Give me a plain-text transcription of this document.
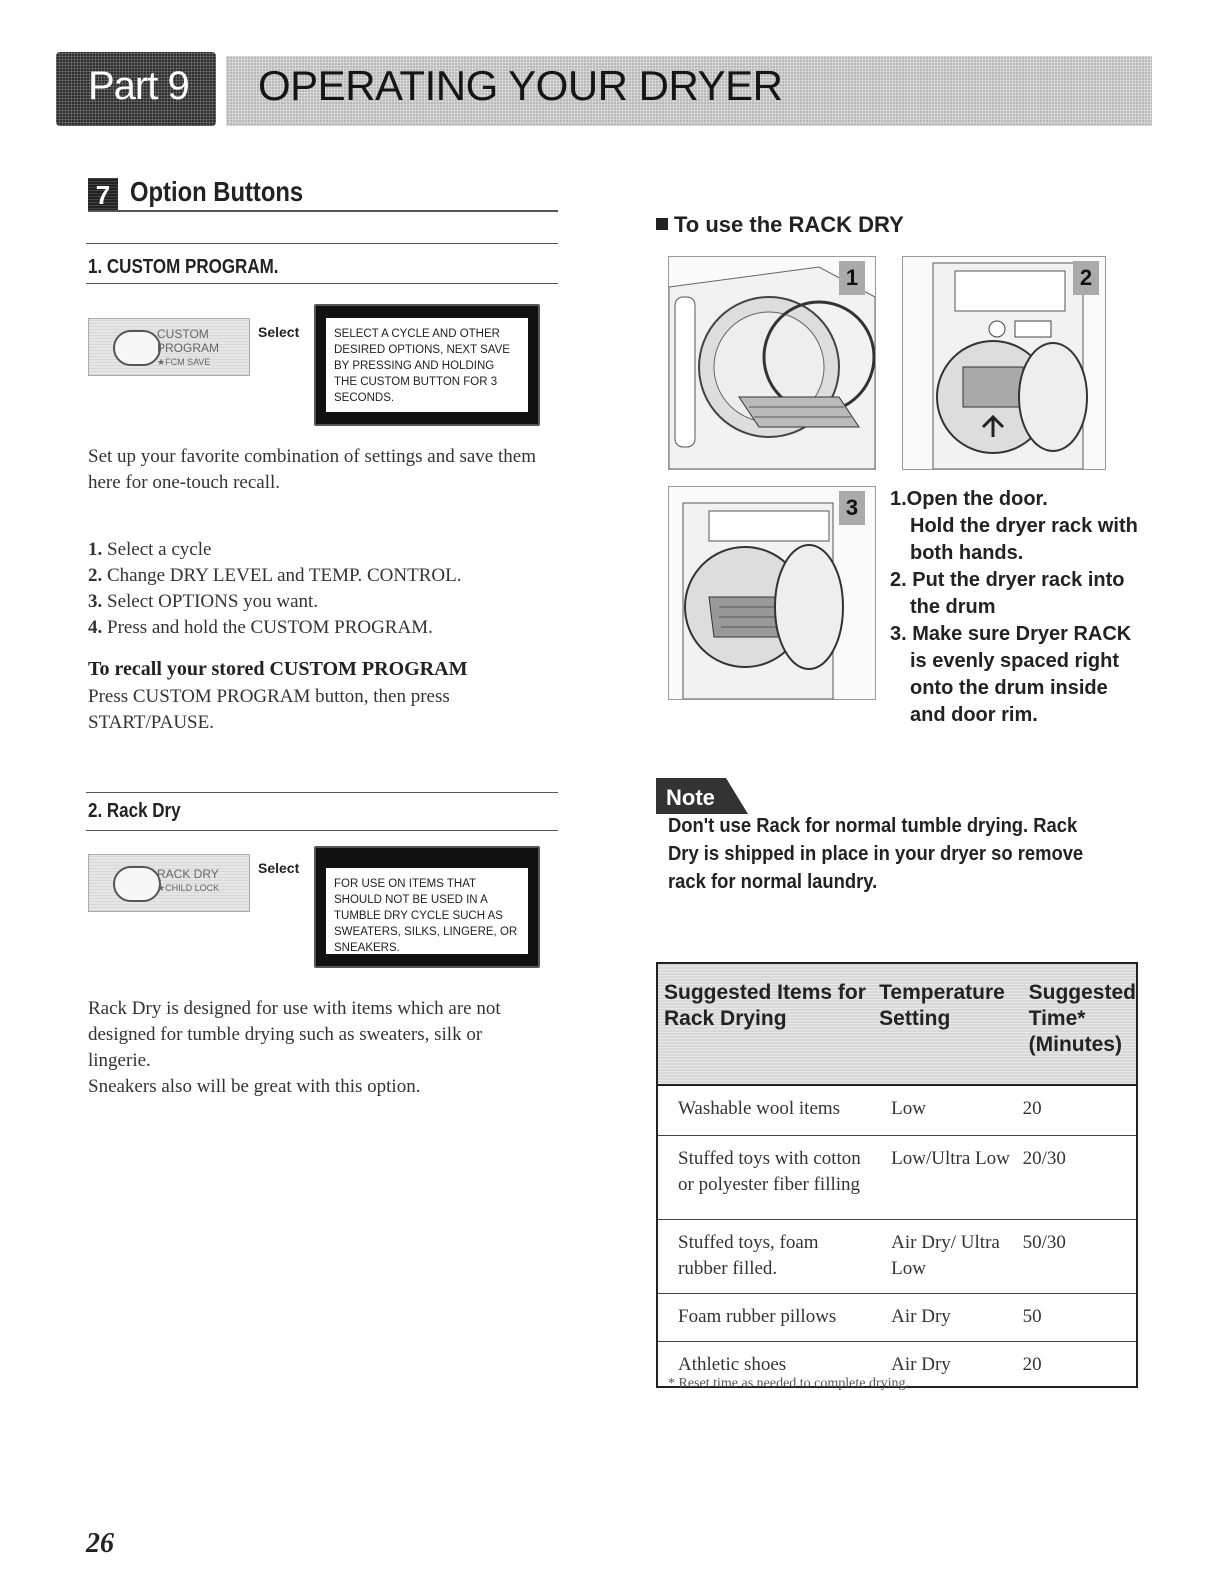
Part 9 OPERATING YOUR DRYER
7 Option Buttons
1. CUSTOM PROGRAM.
CUSTOM
PROGRAM
★FCM SAVE
Select	SELECT A CYCLE AND OTHER DESIRED OPTIONS, NEXT SAVE BY PRESSING AND HOLDING THE CUSTOM BUTTON FOR 3 SECONDS.
Set up your favorite combination of settings and save them here for one-touch recall.
1. Select a cycle
2. Change DRY LEVEL and TEMP. CONTROL.
3. Select OPTIONS you want.
4. Press and hold the CUSTOM PROGRAM.
To recall your stored CUSTOM PROGRAM
Press CUSTOM PROGRAM button, then press START/PAUSE.
2. Rack Dry
RACK DRY
★CHILD LOCK
Select
FOR USE ON ITEMS THAT SHOULD NOT BE USED IN A TUMBLE DRY CYCLE SUCH AS SWEATERS, SILKS, LINGERE, OR SNEAKERS.
Rack Dry is designed for use with items which are not designed for tumble drying such as sweaters, silk or lingerie.
Sneakers also will be great with this option.
To use the RACK DRY
1	2
3	1.Open the door.
Hold the dryer rack with
both hands.
2. Put the dryer rack into
the drum
3. Make sure Dryer RACK
is evenly spaced right
onto the drum inside
and door rim.
Note
Don't use Rack for normal tumble drying. Rack Dry is shipped in place in your dryer so remove rack for normal laundry.
Suggested Items for Rack Drying	Temperature Setting	Suggested Time* (Minutes)
Washable wool items	Low	20
Stuffed toys with cotton or polyester fiber filling	Low/Ultra Low	20/30
Stuffed toys, foam rubber filled.	Air Dry/ Ultra Low	50/30
Foam rubber pillows	Air Dry	50
Athletic shoes	Air Dry	20
* Reset time as needed to complete drying.
26
